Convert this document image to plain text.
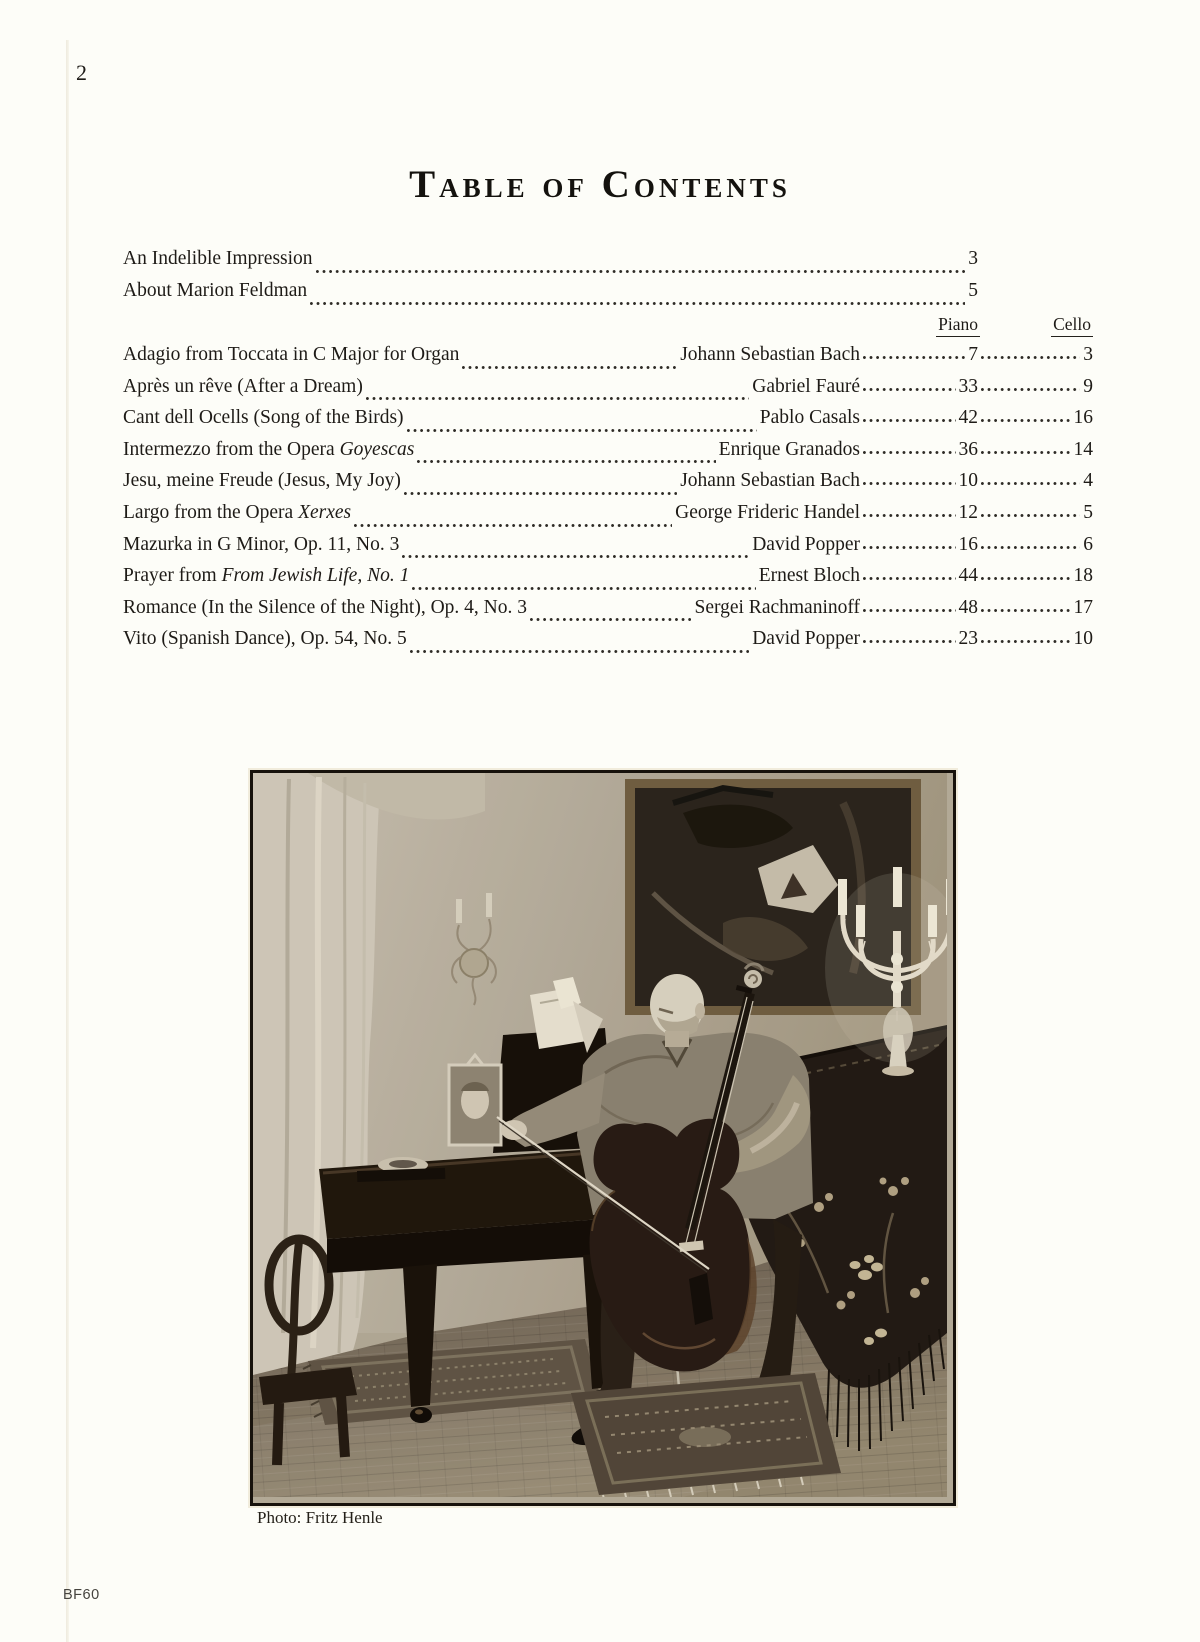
2
Table of Contents
An Indelible Impression	3
About Marion Feldman	5
Piano	Cello
Adagio from Toccata in C Major for Organ	Johann Sebastian Bach	7	3
Après un rêve (After a Dream)	Gabriel Fauré	33	9
Cant dell Ocells (Song of the Birds)	Pablo Casals	42	16
Intermezzo from the Opera Goyescas	Enrique Granados	36	14
Jesu, meine Freude (Jesus, My Joy)	Johann Sebastian Bach	10	4
Largo from the Opera Xerxes	George Frideric Handel	12	5
Mazurka in G Minor, Op. 11, No. 3	David Popper	16	6
Prayer from From Jewish Life, No. 1	Ernest Bloch	44	18
Romance (In the Silence of the Night), Op. 4, No. 3	Sergei Rachmaninoff	48	17
Vito (Spanish Dance), Op. 54, No. 5	David Popper	23	10
Photo: Fritz Henle
BF60
